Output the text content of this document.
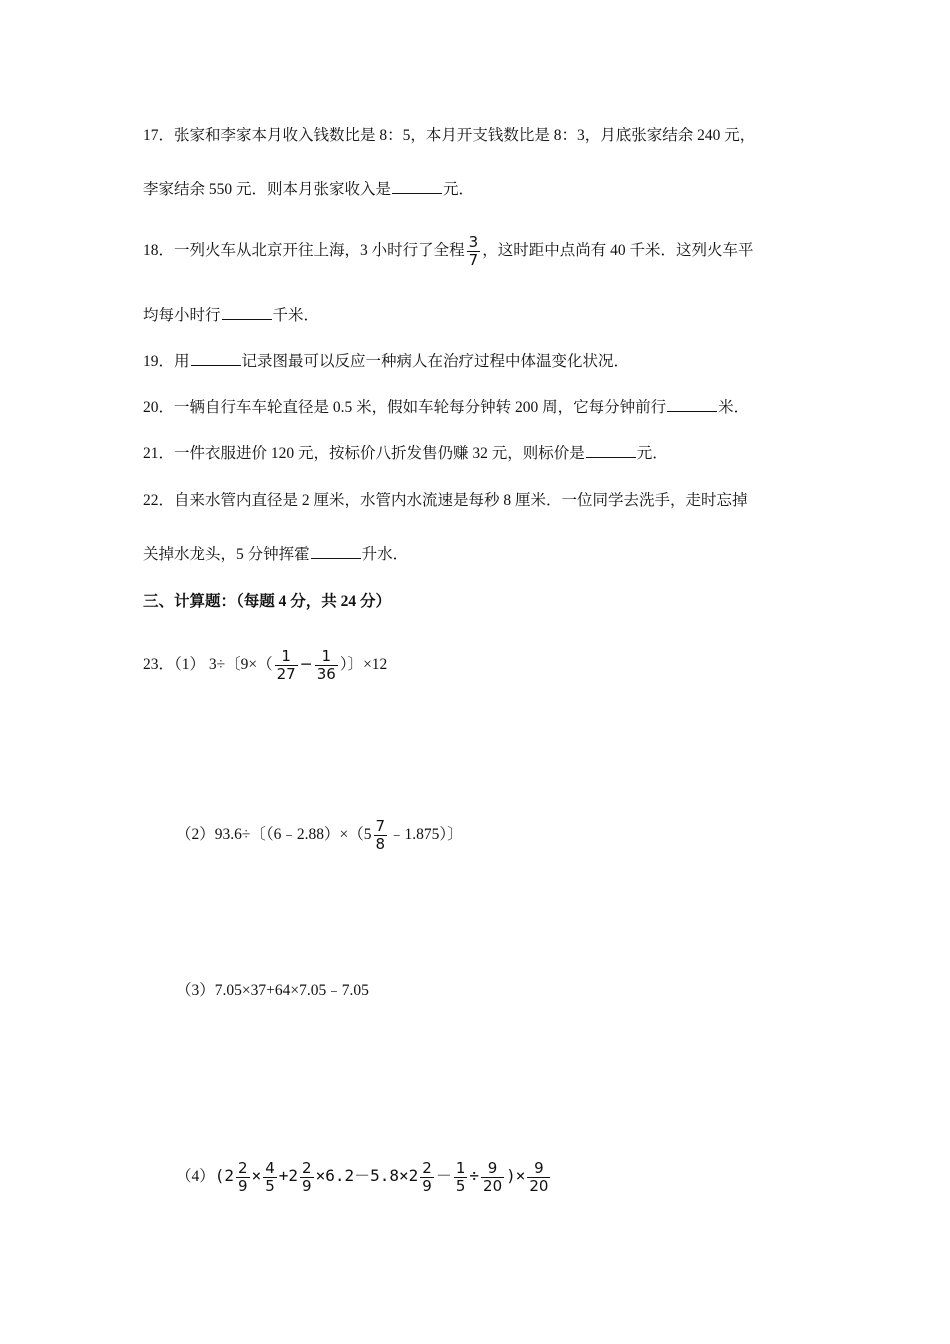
17．张家和李家本月收入钱数比是 8：5，本月开支钱数比是 8：3，月底张家结余 240 元，
李家结余 550 元．则本月张家收入是	元．
18．一列火车从北京开往上海，3 小时行了全程 $\frac{3}{7}$ ，这时距中点尚有 40 千米．这列火车平
均每小时行	千米．
19．用	记录图最可以反应一种病人在治疗过程中体温变化状况．
20．一辆自行车车轮直径是 0.5 米，假如车轮每分钟转 200 周，它每分钟前行	米．
21．一件衣服进价 120 元，按标价八折发售仍赚 32 元，则标价是	元．
22．自来水管内直径是 2 厘米，水管内水流速是每秒 8 厘米．一位同学去洗手，走时忘掉
关掉水龙头，5 分钟挥霍	升水．
三、计算题：（每题 4 分，共 24 分）
23．（1） 3÷〔$9\times( \frac{1}{27} - \frac{1}{36}$ ）〕×12
（2）93.6÷〔（6﹣2.88）×（5 $\frac{7}{8}$ ﹣1.875）〕
（3）7.05×37+64×7.05﹣7.05
$(4)(2 \frac{2}{9} \times \frac{4}{5} +2 \frac{2}{9} \times 6.2-5.8\times 2 \frac{2}{9} - \frac{1}{5} \div \frac{9}{20}$ )× $\frac{9}{20}$
